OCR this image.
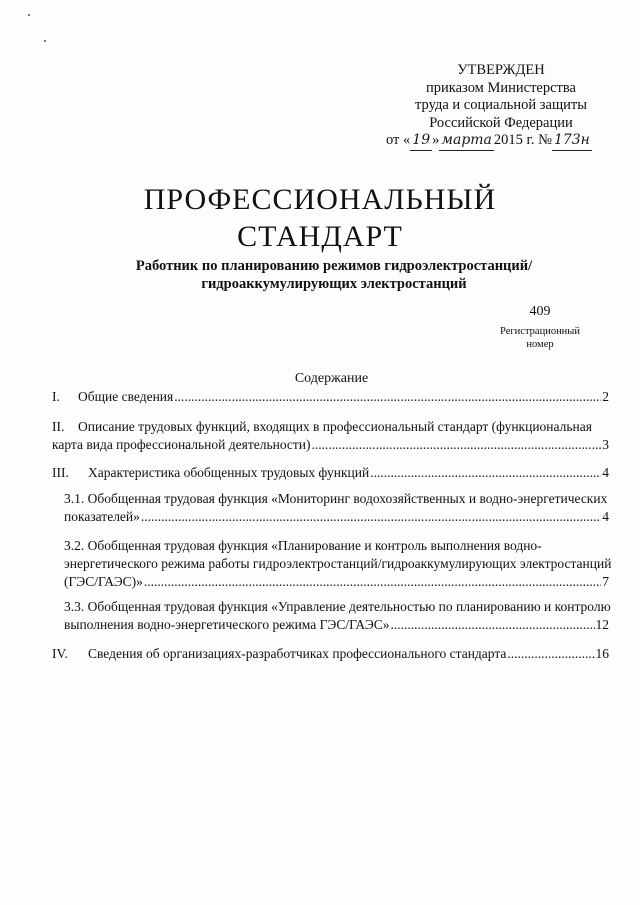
УТВЕРЖДЕН
приказом Министерства
труда и социальной защиты
Российской Федерации
от « 19 » марта 2015 г. № 173н
ПРОФЕССИОНАЛЬНЫЙ
СТАНДАРТ
Работник по планированию режимов гидроэлектростанций/
гидроаккумулирующих электростанций
409
Регистрационный
номер
Содержание
I.	Общие сведения .....	2
II.	Описание трудовых функций, входящих в профессиональный стандарт (функциональная
карта вида профессиональной деятельности) .....	3
III.	Характеристика обобщенных трудовых функций .....	4
3.1. Обобщенная трудовая функция «Мониторинг водохозяйственных и водно-энергетических
показателей» .....	4
3.2. Обобщенная трудовая функция «Планирование и контроль выполнения водно-
энергетического режима работы гидроэлектростанций/гидроаккумулирующих электростанций
(ГЭС/ГАЭС)» .....	7
3.3. Обобщенная трудовая функция «Управление деятельностью по планированию и контролю
выполнения водно-энергетического режима ГЭС/ГАЭС» .....	12
IV.	Сведения об организациях-разработчиках профессионального стандарта .....	16
